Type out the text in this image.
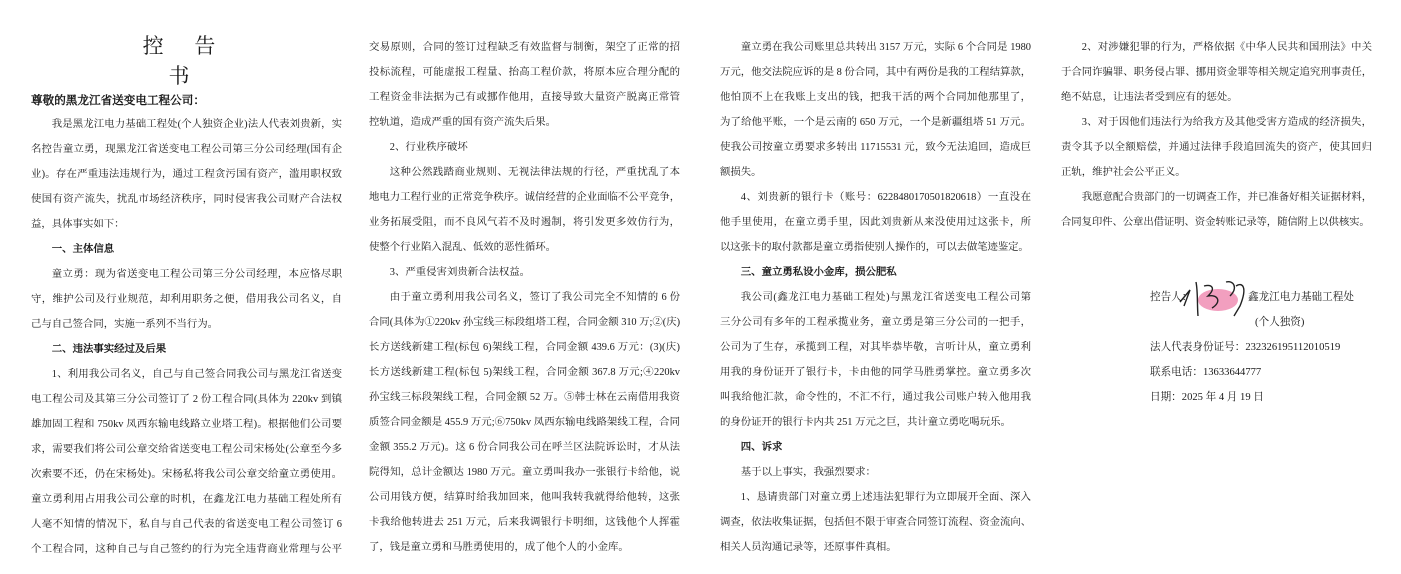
控 告 书
尊敬的黑龙江省送变电工程公司：
我是黑龙江电力基础工程处(个人独资企业)法人代表刘贵新，实
名控告童立勇，现黑龙江省送变电工程公司第三分公司经理(国有企
业)。存在严重违法违规行为，通过工程贪污国有资产，滥用职权致
使国有资产流失，扰乱市场经济秩序，同时侵害我公司财产合法权
益，具体事实如下：
一、主体信息
童立勇：现为省送变电工程公司第三分公司经理，本应恪尽职
守，维护公司及行业规范，却利用职务之便，借用我公司名义，自
己与自己签合同，实施一系列不当行为。
二、违法事实经过及后果
1、利用我公司名义，自己与自己签合同我公司与黑龙江省送变
电工程公司及其第三分公司签订了 2 份工程合同(具体为 220kv 到镇
雄加固工程和 750kv 凤西东输电线路立业塔工程)。根据他们公司要
求，需要我们将公司公章交给省送变电工程公司宋杨处(公章至今多
次索要不还，仍在宋杨处)。宋杨私将我公司公章交给童立勇使用。
童立勇利用占用我公司公章的时机，在鑫龙江电力基础工程处所有
人毫不知情的情况下，私自与自己代表的省送变电工程公司签订 6
个工程合同，这种自己与自己签约的行为完全违背商业常理与公平
交易原则，合同的签订过程缺乏有效监督与制衡，架空了正常的招
投标流程，可能虚报工程量、抬高工程价款，将原本应合理分配的
工程资金非法据为己有或挪作他用，直接导致大量资产脱离正常管
控轨道，造成严重的国有资产流失后果。
2、行业秩序破坏
这种公然践踏商业规则、无视法律法规的行径，严重扰乱了本
地电力工程行业的正常竞争秩序。诚信经营的企业面临不公平竞争，
业务拓展受阻，而不良风气若不及时遏制，将引发更多效仿行为，
使整个行业陷入混乱、低效的恶性循环。
3、严重侵害刘贵新合法权益。
由于童立勇利用我公司名义，签订了我公司完全不知情的 6 份
合同(具体为①220kv 孙宝线三标段组塔工程，合同金额 310 万;②(庆)
长方送线新建工程(标包 6)架线工程，合同金额 439.6 万元：(3)(庆)
长方送线新建工程(标包 5)架线工程，合同金额 367.8 万元;④220kv
孙宝线三标段架线工程，合同金额 52 万。⑤韩士林在云南借用我资
质签合同金额是 455.9 万元;⑥750kv 凤西东输电线路架线工程，合同
金额 355.2 万元)。这 6 份合同我公司在呼兰区法院诉讼时，才从法
院得知，总计金额达 1980 万元。童立勇叫我办一张银行卡给他，说
公司用钱方便，结算时给我加回来，他叫我转我就得给他转，这张
卡我给他转进去 251 万元，后来我调银行卡明细，这钱他个人挥霍
了，钱是童立勇和马胜勇使用的，成了他个人的小金库。
童立勇在我公司账里总共转出 3157 万元，实际 6 个合同是 1980
万元，他交法院应诉的是 8 份合同，其中有两份是我的工程结算款，
他怕顶不上在我账上支出的钱，把我干活的两个合同加他那里了，
为了给他平账，一个是云南的 650 万元，一个是新疆组塔 51 万元。
使我公司按童立勇要求多转出 11715531 元，致今无法追回，造成巨
额损失。
4、刘贵新的银行卡（账号：6228480170501820618）一直没在
他手里使用，在童立勇手里，因此刘贵新从来没使用过这张卡，所
以这张卡的取付款都是童立勇指使别人操作的，可以去做笔迹鉴定。
三、童立勇私设小金库，损公肥私
我公司(鑫龙江电力基础工程处)与黑龙江省送变电工程公司第
三分公司有多年的工程承揽业务，童立勇是第三分公司的一把手，
公司为了生存，承揽到工程，对其毕恭毕敬，言听计从，童立勇利
用我的身份证开了银行卡，卡由他的同学马胜勇掌控。童立勇多次
叫我给他汇款，命令性的，不汇不行，通过我公司账户转入他用我
的身份证开的银行卡内共 251 万元之巨，共计童立勇吃喝玩乐。
四、诉求
基于以上事实，我强烈要求：
1、恳请贵部门对童立勇上述违法犯罪行为立即展开全面、深入
调查，依法收集证据，包括但不限于审查合同签订流程、资金流向、
相关人员沟通记录等，还原事件真相。
2、对涉嫌犯罪的行为，严格依据《中华人民共和国刑法》中关
于合同诈骗罪、职务侵占罪、挪用资金罪等相关规定追究刑事责任，
绝不姑息，让违法者受到应有的惩处。
3、对于因他们违法行为给我方及其他受害方造成的经济损失，
责令其予以全额赔偿，并通过法律手段追回流失的资产，使其回归
正轨，维护社会公平正义。
我愿意配合贵部门的一切调查工作，并已准备好相关证据材料，
合同复印件、公章出借证明、资金转账记录等，随信附上以供核实。
控告人：	鑫龙江电力基础工程处
(个人独资)
法人代表身份证号：232326195112010519
联系电话：13633644777
日期：2025 年 4 月 19 日
